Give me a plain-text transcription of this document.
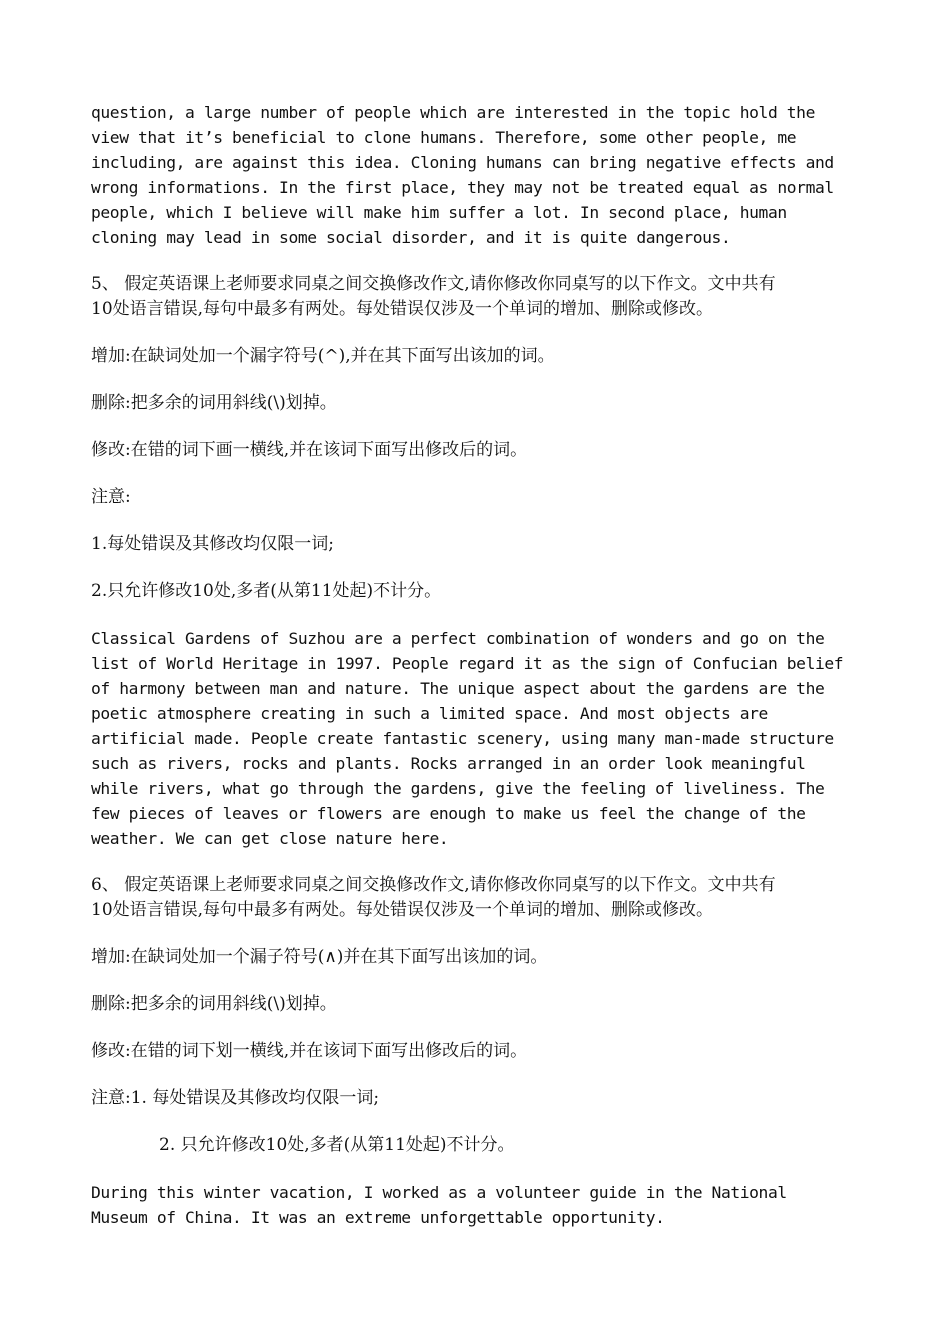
question, a large number of people which are interested in the topic hold the
view that it’s beneficial to clone humans. Therefore, some other people, me
including, are against this idea. Cloning humans can bring negative effects and
wrong informations. In the first place, they may not be treated equal as normal
people, which I believe will make him suffer a lot. In second place, human
cloning may lead in some social disorder, and it is quite dangerous.

5、 假定英语课上老师要求同桌之间交换修改作文,请你修改你同桌写的以下作文。文中共有
10处语言错误,每句中最多有两处。每处错误仅涉及一个单词的增加、删除或修改。

增加:在缺词处加一个漏字符号(^),并在其下面写出该加的词。

删除:把多余的词用斜线(\)划掉。

修改:在错的词下画一横线,并在该词下面写出修改后的词。

注意:

1.每处错误及其修改均仅限一词;

2.只允许修改10处,多者(从第11处起)不计分。

Classical Gardens of Suzhou are a perfect combination of wonders and go on the
list of World Heritage in 1997. People regard it as the sign of Confucian belief
of harmony between man and nature. The unique aspect about the gardens are the
poetic atmosphere creating in such a limited space. And most objects are
artificial made. People create fantastic scenery, using many man-made structure
such as rivers, rocks and plants. Rocks arranged in an order look meaningful
while rivers, what go through the gardens, give the feeling of liveliness. The
few pieces of leaves or flowers are enough to make us feel the change of the
weather. We can get close nature here.

6、 假定英语课上老师要求同桌之间交换修改作文,请你修改你同桌写的以下作文。文中共有
10处语言错误,每句中最多有两处。每处错误仅涉及一个单词的增加、删除或修改。

增加:在缺词处加一个漏子符号(∧)并在其下面写出该加的词。

删除:把多余的词用斜线(\)划掉。

修改:在错的词下划一横线,并在该词下面写出修改后的词。

注意:1. 每处错误及其修改均仅限一词;

2. 只允许修改10处,多者(从第11处起)不计分。

During this winter vacation, I worked as a volunteer guide in the National
Museum of China. It was an extreme unforgettable opportunity.
